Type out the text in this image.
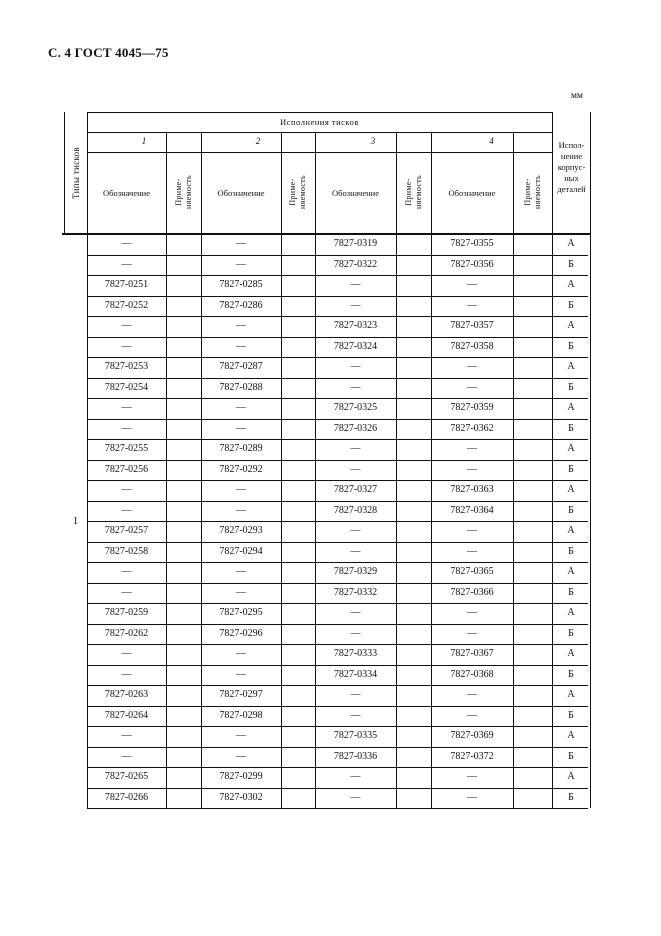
С. 4 ГОСТ 4045—75
мм
Типы тисков
Исполнения тисков
1
Обозначение	Приме-
няемость
2
Обозначение	Приме-
няемость
3
Обозначение	Приме-
няемость
4
Обозначение	Приме-
няемость
Испол-
нение
корпус-
ных
деталей
1
—	—	7827-0319	7827-0355	А
—	—	7827-0322	7827-0356	Б
7827-0251	7827-0285	—	—	А
7827-0252	7827-0286	—	—	Б
—	—	7827-0323	7827-0357	А
—	—	7827-0324	7827-0358	Б
7827-0253	7827-0287	—	—	А
7827-0254	7827-0288	—	—	Б
—	—	7827-0325	7827-0359	А
—	—	7827-0326	7827-0362	Б
7827-0255	7827-0289	—	—	А
7827-0256	7827-0292	—	—	Б
—	—	7827-0327	7827-0363	А
—	—	7827-0328	7827-0364	Б
7827-0257	7827-0293	—	—	А
7827-0258	7827-0294	—	—	Б
—	—	7827-0329	7827-0365	А
—	—	7827-0332	7827-0366	Б
7827-0259	7827-0295	—	—	А
7827-0262	7827-0296	—	—	Б
—	—	7827-0333	7827-0367	А
—	—	7827-0334	7827-0368	Б
7827-0263	7827-0297	—	—	А
7827-0264	7827-0298	—	—	Б
—	—	7827-0335	7827-0369	А
—	—	7827-0336	7827-0372	Б
7827-0265	7827-0299	—	—	А
7827-0266	7827-0302	—	—	Б
